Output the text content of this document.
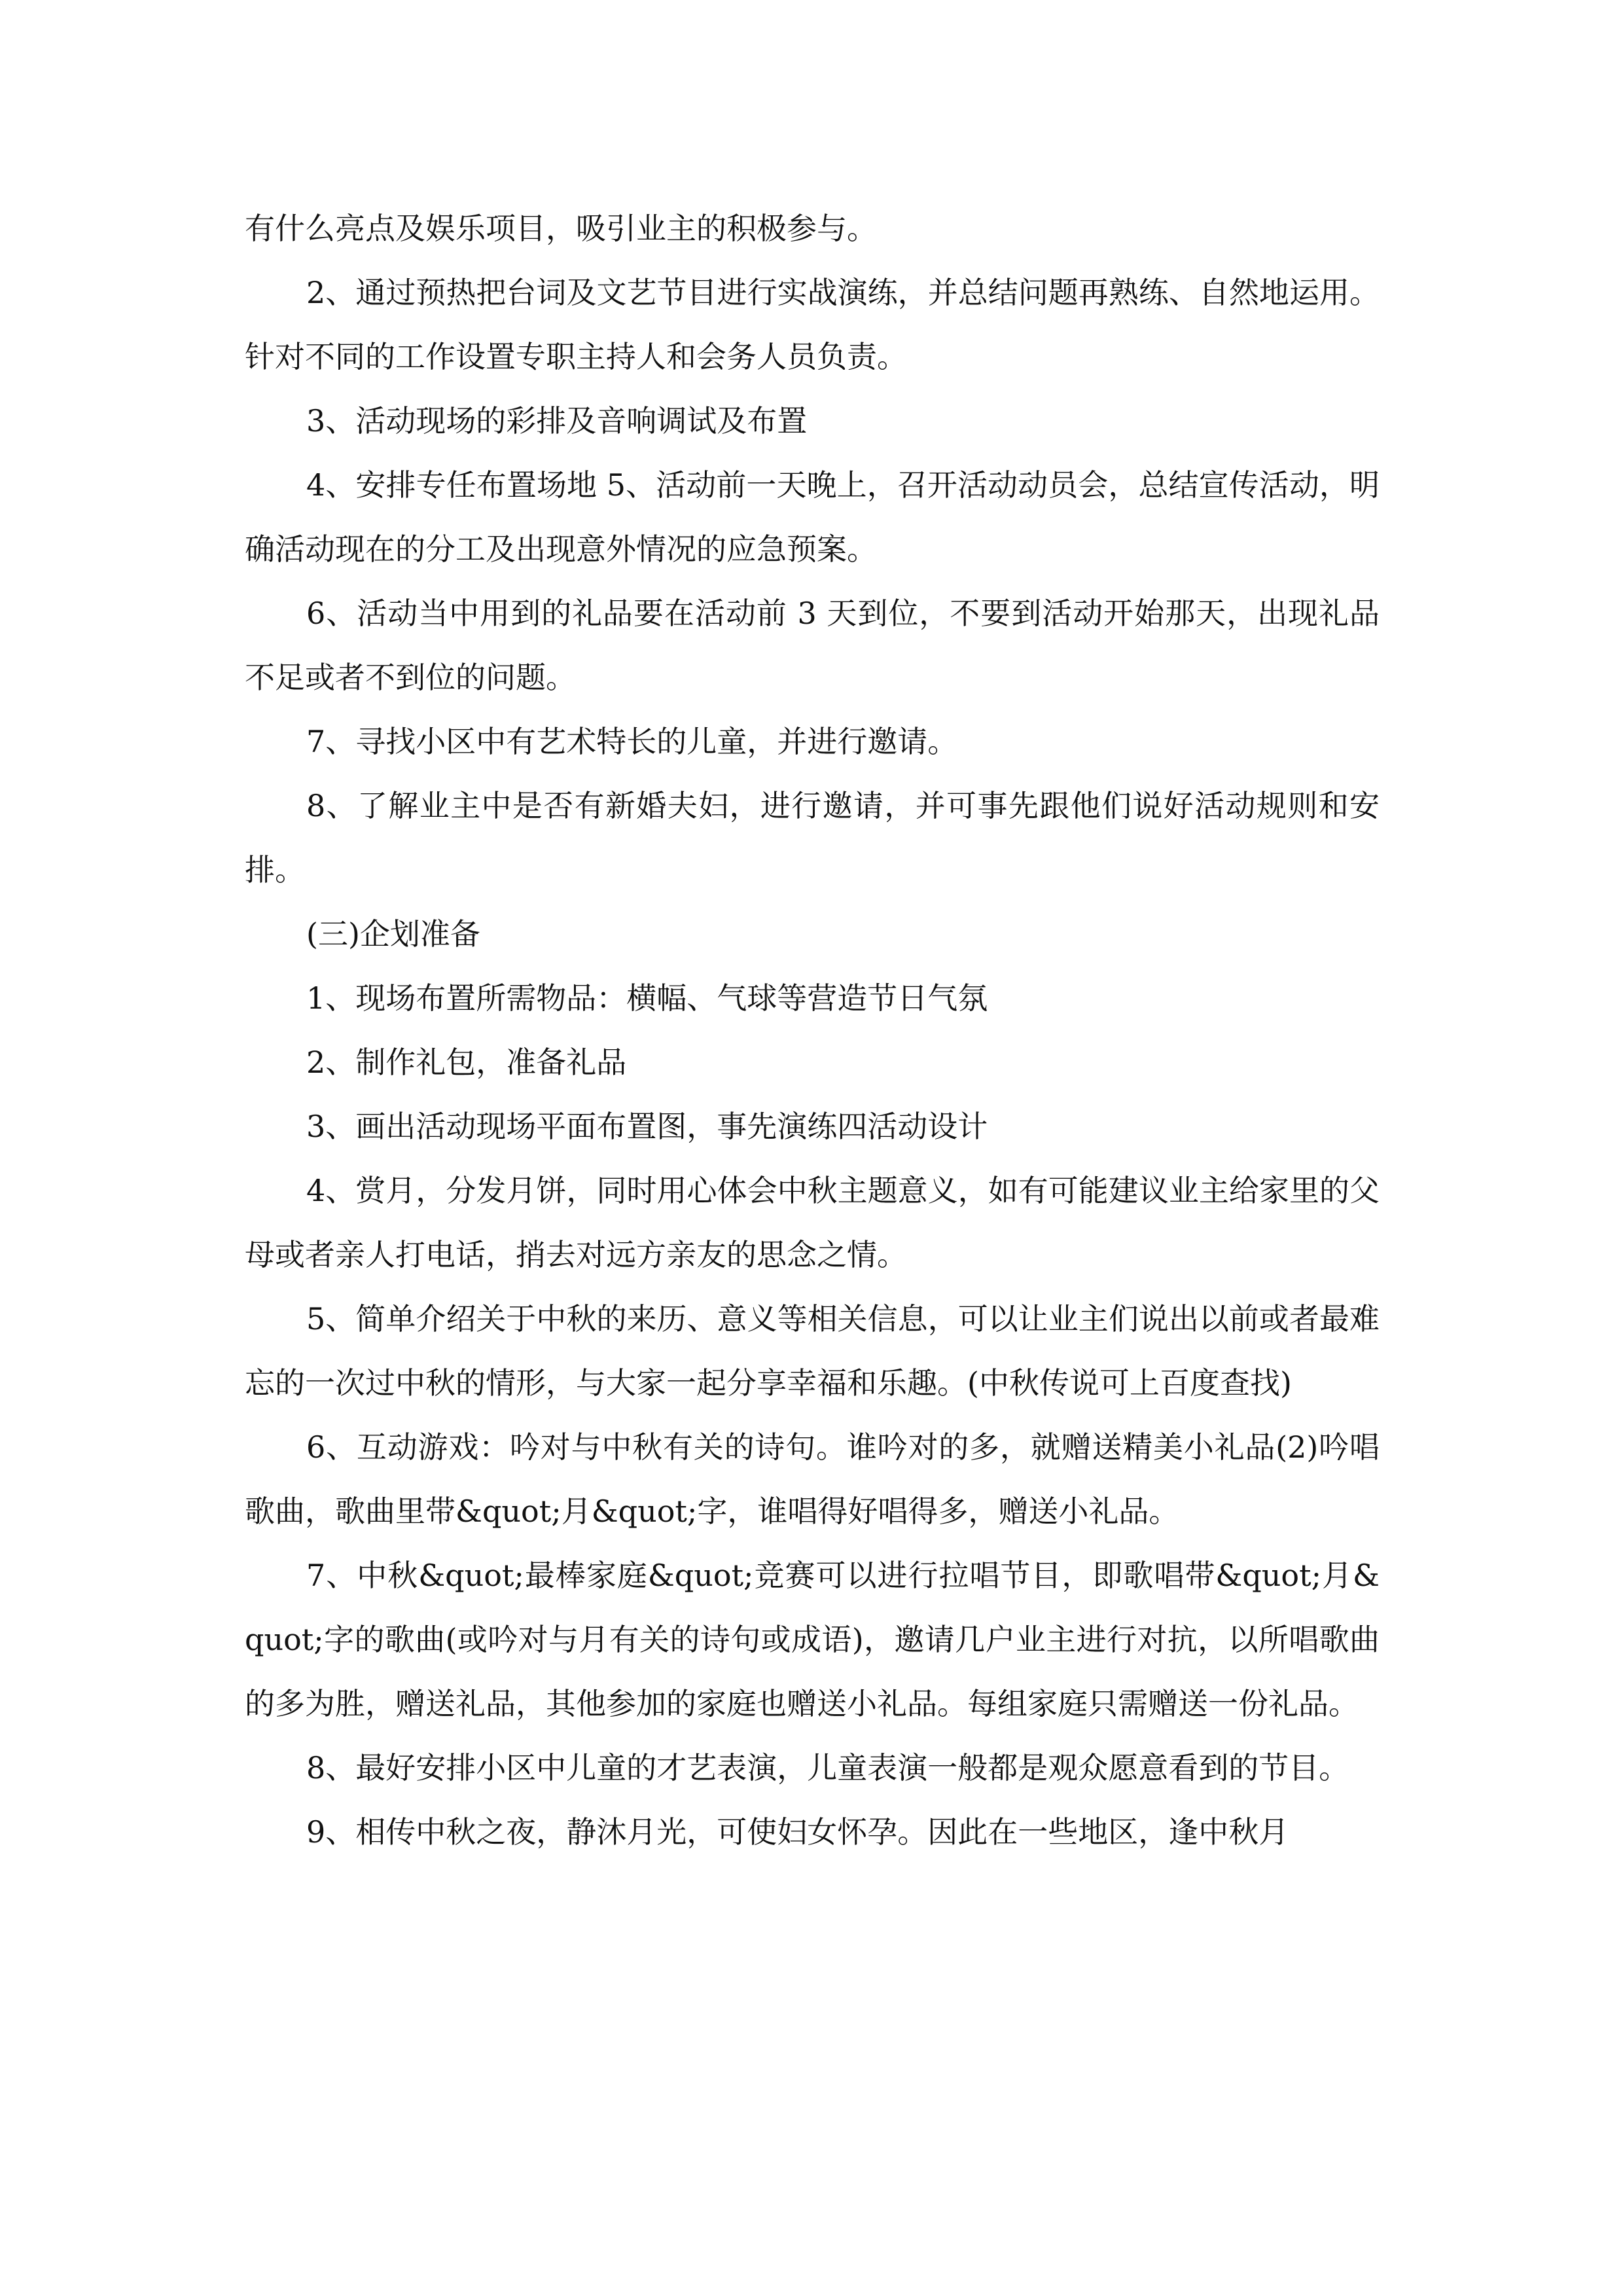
有什么亮点及娱乐项目，吸引业主的积极参与。

2、通过预热把台词及文艺节目进行实战演练，并总结问题再熟练、自然地运用。针对不同的工作设置专职主持人和会务人员负责。

3、活动现场的彩排及音响调试及布置

4、安排专任布置场地 5、活动前一天晚上，召开活动动员会，总结宣传活动，明确活动现在的分工及出现意外情况的应急预案。

6、活动当中用到的礼品要在活动前 3 天到位，不要到活动开始那天，出现礼品不足或者不到位的问题。

7、寻找小区中有艺术特长的儿童，并进行邀请。

8、了解业主中是否有新婚夫妇，进行邀请，并可事先跟他们说好活动规则和安排。

(三)企划准备

1、现场布置所需物品：横幅、气球等营造节日气氛

2、制作礼包，准备礼品

3、画出活动现场平面布置图，事先演练四活动设计

4、赏月，分发月饼，同时用心体会中秋主题意义，如有可能建议业主给家里的父母或者亲人打电话，捎去对远方亲友的思念之情。

5、简单介绍关于中秋的来历、意义等相关信息，可以让业主们说出以前或者最难忘的一次过中秋的情形，与大家一起分享幸福和乐趣。(中秋传说可上百度查找)

6、互动游戏：吟对与中秋有关的诗句。谁吟对的多，就赠送精美小礼品(2)吟唱歌曲，歌曲里带&quot;月&quot;字，谁唱得好唱得多，赠送小礼品。

7、中秋&quot;最棒家庭&quot;竞赛可以进行拉唱节目，即歌唱带&quot;月&quot;字的歌曲(或吟对与月有关的诗句或成语)，邀请几户业主进行对抗，以所唱歌曲的多为胜，赠送礼品，其他参加的家庭也赠送小礼品。每组家庭只需赠送一份礼品。

8、最好安排小区中儿童的才艺表演，儿童表演一般都是观众愿意看到的节目。

9、相传中秋之夜，静沐月光，可使妇女怀孕。因此在一些地区，逢中秋月
